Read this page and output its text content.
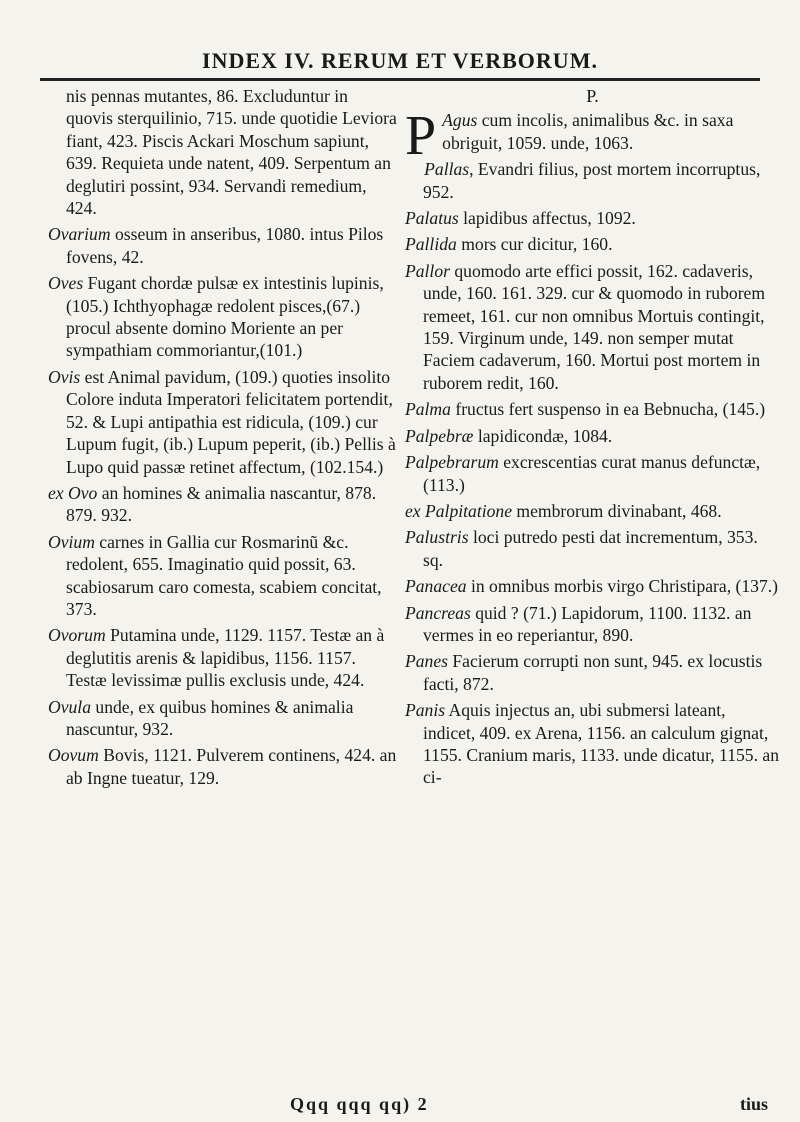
INDEX IV. RERUM ET VERBORUM.
nis pennas mutantes, 86. Excluduntur in quovis sterquilinio, 715. unde quotidie Leviora fiant, 423. Piscis Ackari Moschum sapiunt, 639. Requieta unde natent, 409. Serpentum an deglutiri possint, 934. Servandi remedium, 424.
Ovarium osseum in anseribus, 1080. intus Pilos fovens, 42.
Oves Fugant chordæ pulsæ ex intestinis lupinis, (105.) Ichthyophagæ redolent pisces,(67.) procul absente domino Moriente an per sympathiam commoriantur,(101.)
Ovis est Animal pavidum, (109.) quoties insolito Colore induta Imperatori felicitatem portendit, 52. & Lupi antipathia est ridicula, (109.) cur Lupum fugit, (ib.) Lupum peperit, (ib.) Pellis à Lupo quid passæ retinet affectum, (102.154.)
ex Ovo an homines & animalia nascantur, 878. 879. 932.
Ovium carnes in Gallia cur Rosmarinũ &c. redolent, 655. Imaginatio quid possit, 63. scabiosarum caro comesta, scabiem concitat, 373.
Ovorum Putamina unde, 1129. 1157. Testæ an à deglutitis arenis & lapidibus, 1156. 1157. Testæ levissimæ pullis exclusis unde, 424.
Ovula unde, ex quibus homines & animalia nascuntur, 932.
Oovum Bovis, 1121. Pulverem continens, 424. an ab Ingne tueatur, 129.
P.
P Agus cum incolis, animalibus &c. in saxa obriguit, 1059. unde, 1063.
Pallas, Evandri filius, post mortem incorruptus, 952.
Palatus lapidibus affectus, 1092.
Pallida mors cur dicitur, 160.
Pallor quomodo arte effici possit, 162. cadaveris, unde, 160. 161. 329. cur & quomodo in ruborem remeet, 161. cur non omnibus Mortuis contingit, 159. Virginum unde, 149. non semper mutat Faciem cadaverum, 160. Mortui post mortem in ruborem redit, 160.
Palma fructus fert suspenso in ea Bebnucha, (145.)
Palpebræ lapidicondæ, 1084.
Palpebrarum excrescentias curat manus defunctæ, (113.)
ex Palpitatione membrorum divinabant, 468.
Palustris loci putredo pesti dat incrementum, 353. sq.
Panacea in omnibus morbis virgo Christipara, (137.)
Pancreas quid ? (71.) Lapidorum, 1100. 1132. an vermes in eo reperiantur, 890.
Panes Facierum corrupti non sunt, 945. ex locustis facti, 872.
Panis Aquis injectus an, ubi submersi lateant, indicet, 409. ex Arena, 1156. an calculum gignat, 1155. Cranium maris, 1133. unde dicatur, 1155. an ci-
Qqq qqq qq) 2	tius
